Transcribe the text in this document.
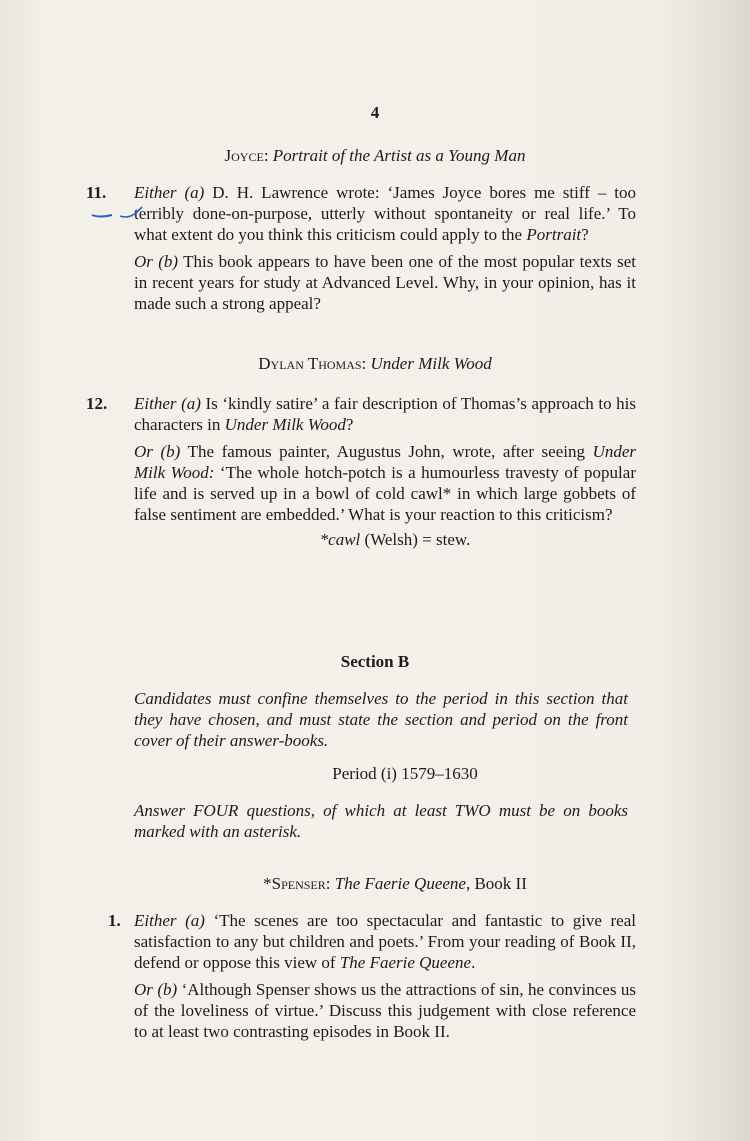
4
Joyce: Portrait of the Artist as a Young Man
11.	Either (a) D. H. Lawrence wrote: ‘James Joyce bores me stiff – too terribly done-on-purpose, utterly without spontaneity or real life.’ To what extent do you think this criticism could apply to the Portrait?

Or (b) This book appears to have been one of the most popular texts set in recent years for study at Advanced Level. Why, in your opinion, has it made such a strong appeal?

Dylan Thomas: Under Milk Wood
12.	Either (a) Is ‘kindly satire’ a fair description of Thomas’s approach to his characters in Under Milk Wood?

Or (b) The famous painter, Augustus John, wrote, after seeing Under Milk Wood: ‘The whole hotch-potch is a humourless travesty of popular life and is served up in a bowl of cold cawl* in which large gobbets of false sentiment are embedded.’ What is your reaction to this criticism?

*cawl (Welsh) = stew.

Section B
Candidates must confine themselves to the period in this section that they have chosen, and must state the section and period on the front cover of their answer-books.
Period (i) 1579–1630
Answer FOUR questions, of which at least TWO must be on books marked with an asterisk.
*Spenser: The Faerie Queene, Book II
1. Either (a) ‘The scenes are too spectacular and fantastic to give real satisfaction to any but children and poets.’ From your reading of Book II, defend or oppose this view of The Faerie Queene.

Or (b) ‘Although Spenser shows us the attractions of sin, he convinces us of the loveliness of virtue.’ Discuss this judgement with close reference to at least two contrasting episodes in Book II.
